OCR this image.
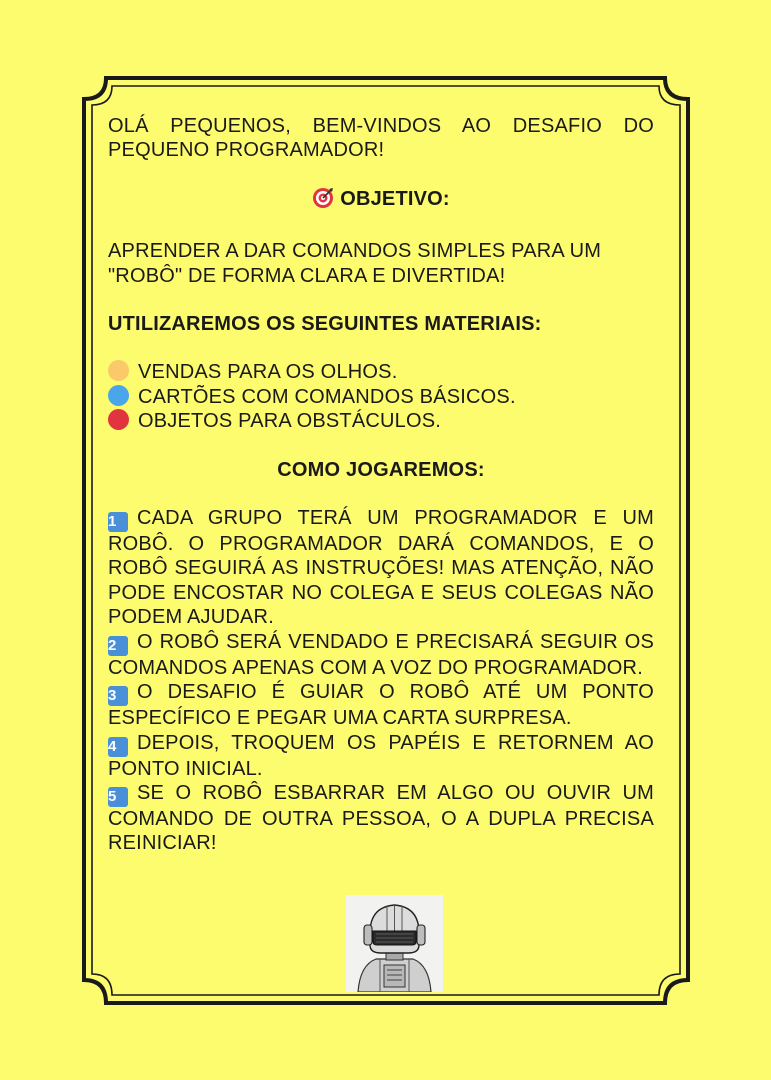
OLÁ PEQUENOS, BEM-VINDOS AO DESAFIO DO PEQUENO PROGRAMADOR!

OBJETIVO:

APRENDER A DAR COMANDOS SIMPLES PARA UM "ROBÔ" DE FORMA CLARA E DIVERTIDA!

UTILIZAREMOS OS SEGUINTES MATERIAIS:

VENDAS PARA OS OLHOS.

CARTÕES COM COMANDOS BÁSICOS.

OBJETOS PARA OBSTÁCULOS.

COMO JOGAREMOS:

1 CADA GRUPO TERÁ UM PROGRAMADOR E UM ROBÔ. O PROGRAMADOR DARÁ COMANDOS, E O ROBÔ SEGUIRÁ AS INSTRUÇÕES! MAS ATENÇÃO, NÃO PODE ENCOSTAR NO COLEGA E SEUS COLEGAS NÃO PODEM AJUDAR.

2 O ROBÔ SERÁ VENDADO E PRECISARÁ SEGUIR OS COMANDOS APENAS COM A VOZ DO PROGRAMADOR.

3 O DESAFIO É GUIAR O ROBÔ ATÉ UM PONTO ESPECÍFICO E PEGAR UMA CARTA SURPRESA.

4 DEPOIS, TROQUEM OS PAPÉIS E RETORNEM AO PONTO INICIAL.

5 SE O ROBÔ ESBARRAR EM ALGO OU OUVIR UM COMANDO DE OUTRA PESSOA, O A DUPLA PRECISA REINICIAR!
